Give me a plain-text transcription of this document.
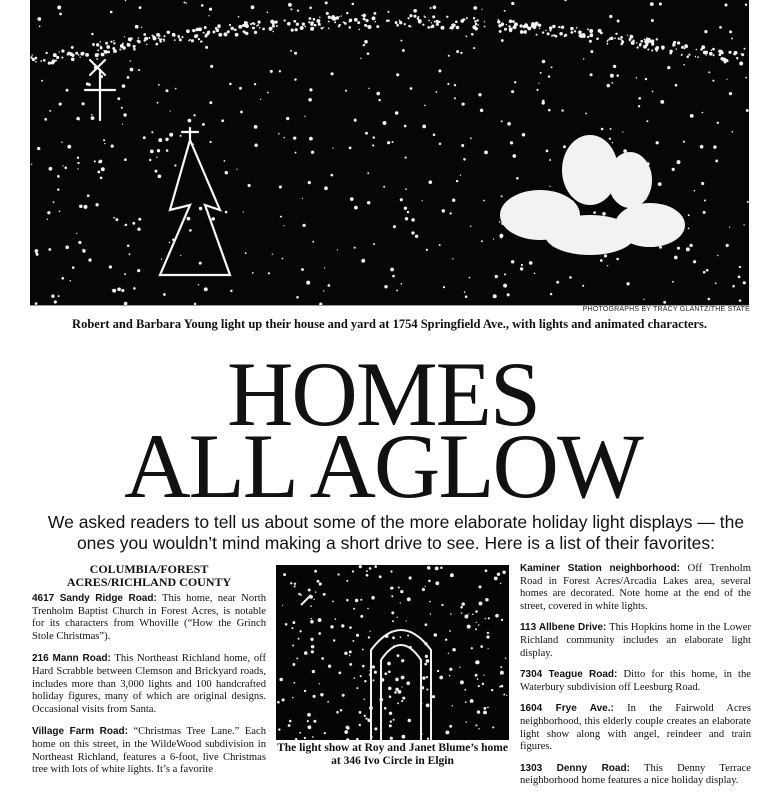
PHOTOGRAPHS BY TRACY GLANTZ/THE STATE
Robert and Barbara Young light up their house and yard at 1754 Springfield Ave., with lights and animated characters.
HOMES
ALL AGLOW
We asked readers to tell us about some of the more elaborate holiday light displays — the ones you wouldn’t mind making a short drive to see. Here is a list of their favorites:
COLUMBIA/FOREST
ACRES/RICHLAND COUNTY
4617 Sandy Ridge Road: This home, near North Trenholm Baptist Church in Forest Acres, is notable for its characters from Whoville (“How the Grinch Stole Christmas”).
216 Mann Road: This Northeast Richland home, off Hard Scrabble between Clemson and Brickyard roads, includes more than 3,000 lights and 100 handcrafted holiday figures, many of which are original designs. Occasional visits from Santa.
Village Farm Road: “Christmas Tree Lane.” Each home on this street, in the WildeWood subdivision in Northeast Richland, features a 6-foot, live Christmas tree with lots of white lights. It’s a favorite
The light show at Roy and Janet Blume’s home at 346 Ivo Circle in Elgin
Kaminer Station neighborhood: Off Trenholm Road in Forest Acres/Arcadia Lakes area, several homes are decorated. Note home at the end of the street, covered in white lights.
113 Allbene Drive: This Hopkins home in the Lower Richland community includes an elaborate light display.
7304 Teague Road: Ditto for this home, in the Waterbury subdivision off Leesburg Road.
1604 Frye Ave.: In the Fairwold Acres neighborhood, this elderly couple creates an elaborate light show along with angel, reindeer and train figures.
1303 Denny Road: This Denny Terrace neighborhood home features a nice holiday display.
